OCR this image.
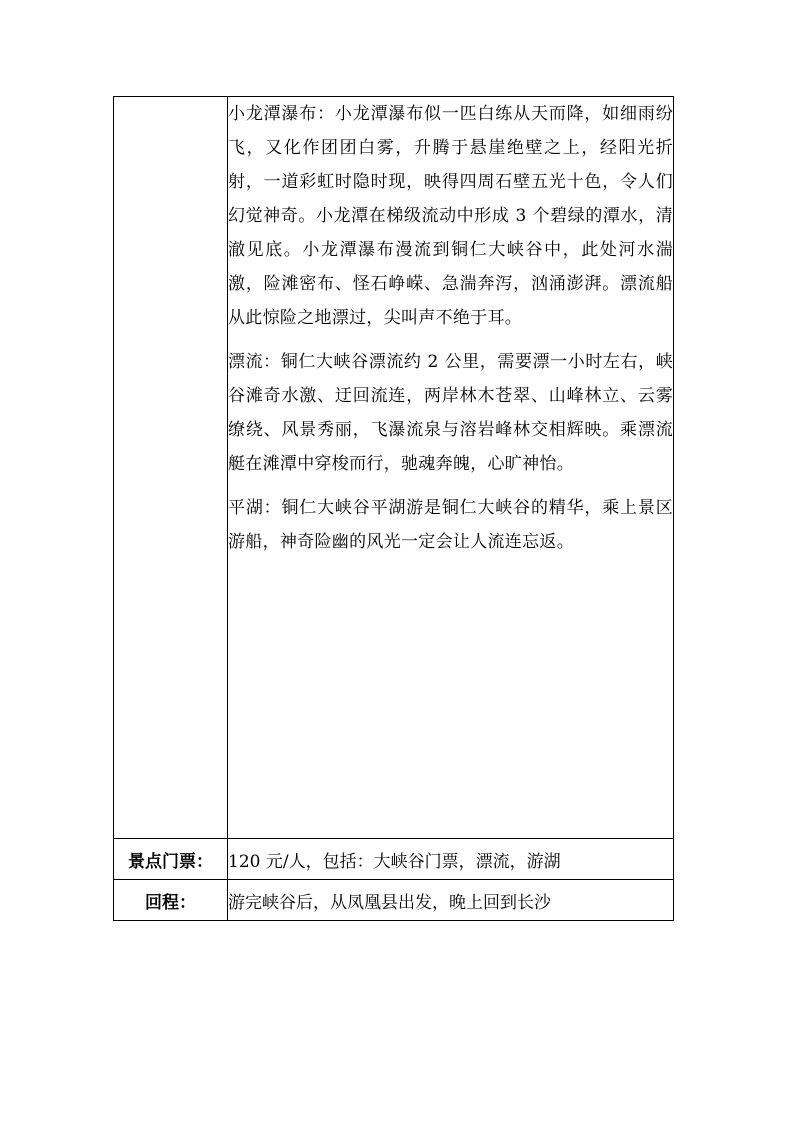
	小龙潭瀑布：小龙潭瀑布似一匹白练从天而降，如细雨纷飞，又化作团团白雾，升腾于悬崖绝壁之上，经阳光折射，一道彩虹时隐时现，映得四周石壁五光十色，令人们幻觉神奇。小龙潭在梯级流动中形成 3 个碧绿的潭水，清澈见底。小龙潭瀑布漫流到铜仁大峡谷中，此处河水湍激，险滩密布、怪石峥嵘、急湍奔泻，汹涌澎湃。漂流船从此惊险之地漂过，尖叫声不绝于耳。

漂流：铜仁大峡谷漂流约 2 公里，需要漂一小时左右，峡谷滩奇水激、迂回流连，两岸林木苍翠、山峰林立、云雾缭绕、风景秀丽，飞瀑流泉与溶岩峰林交相辉映。乘漂流艇在滩潭中穿梭而行，驰魂奔魄，心旷神怡。

平湖：铜仁大峡谷平湖游是铜仁大峡谷的精华，乘上景区游船，神奇险幽的风光一定会让人流连忘返。

景点门票：	120 元/人，包括：大峡谷门票，漂流，游湖
回程：	游完峡谷后，从凤凰县出发，晚上回到长沙
